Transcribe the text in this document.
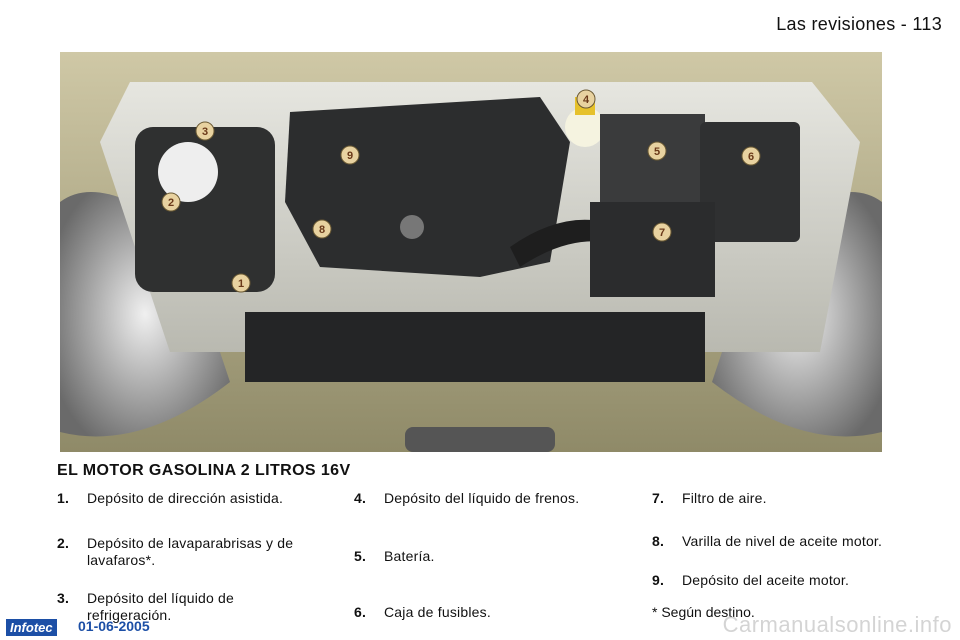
Las revisiones - 113
1
2
3
4
5	6
7
8
9
EL MOTOR GASOLINA 2 LITROS 16V
1. Depósito de dirección asistida.
2. Depósito de lavaparabrisas y de lavafaros*.
3. Depósito del líquido de refrigeración.
4. Depósito del líquido de frenos.
5. Batería.
6. Caja de fusibles.
7. Filtro de aire.
8. Varilla de nivel de aceite motor.
9. Depósito del aceite motor.
* Según destino.
Infotec 01-06-2005	Carmanualsonline.info
